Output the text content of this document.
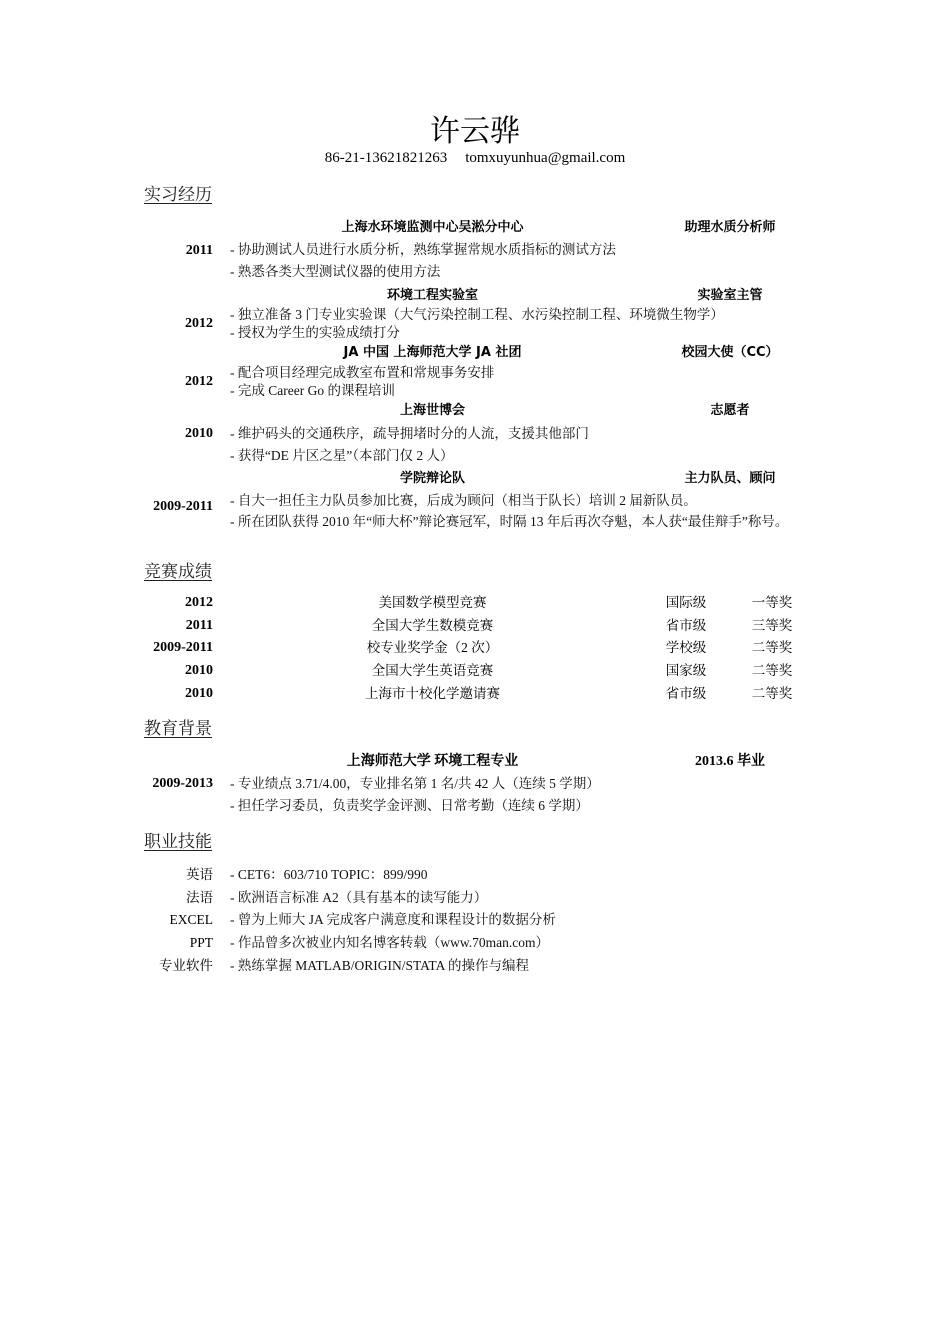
许云骅
86-21-13621821263 tomxuyunhua@gmail.com
实习经历
上海水环境监测中心吴淞分中心	助理水质分析师
2011 - 协助测试人员进行水质分析，熟练掌握常规水质指标的测试方法
- 熟悉各类大型测试仪器的使用方法
环境工程实验室	实验室主管
2012
- 独立准备 3 门专业实验课（大气污染控制工程、水污染控制工程、环境微生物学）
- 授权为学生的实验成绩打分
JA 中国 上海师范大学 JA 社团	校园大使（CC）
2012
- 配合项目经理完成教室布置和常规事务安排
- 完成 Career Go 的课程培训
上海世博会	志愿者
2010 - 维护码头的交通秩序，疏导拥堵时分的人流，支援其他部门
- 获得“DE 片区之星”（本部门仅 2 人）
学院辩论队	主力队员、顾问
2009-2011 - 自大一担任主力队员参加比赛，后成为顾问（相当于队长）培训 2 届新队员。
- 所在团队获得 2010 年“师大杯”辩论赛冠军，时隔 13 年后再次夺魁，本人获“最佳辩手”称号。
竞赛成绩
2012	美国数学模型竞赛	国际级	一等奖
2011	全国大学生数模竞赛	省市级	三等奖
2009-2011	校专业奖学金（2 次）	学校级	二等奖
2010	全国大学生英语竞赛	国家级	二等奖
2010	上海市十校化学邀请赛	省市级	二等奖
教育背景
上海师范大学 环境工程专业	2013.6 毕业
2009-2013 - 专业绩点 3.71/4.00，专业排名第 1 名/共 42 人（连续 5 学期）
- 担任学习委员，负责奖学金评测、日常考勤（连续 6 学期）
职业技能
英语 - CET6：603/710 TOPIC：899/990
法语 - 欧洲语言标准 A2（具有基本的读写能力）
EXCEL - 曾为上师大 JA 完成客户满意度和课程设计的数据分析
PPT - 作品曾多次被业内知名博客转载（www.70man.com）
专业软件 - 熟练掌握 MATLAB/ORIGIN/STATA 的操作与编程
